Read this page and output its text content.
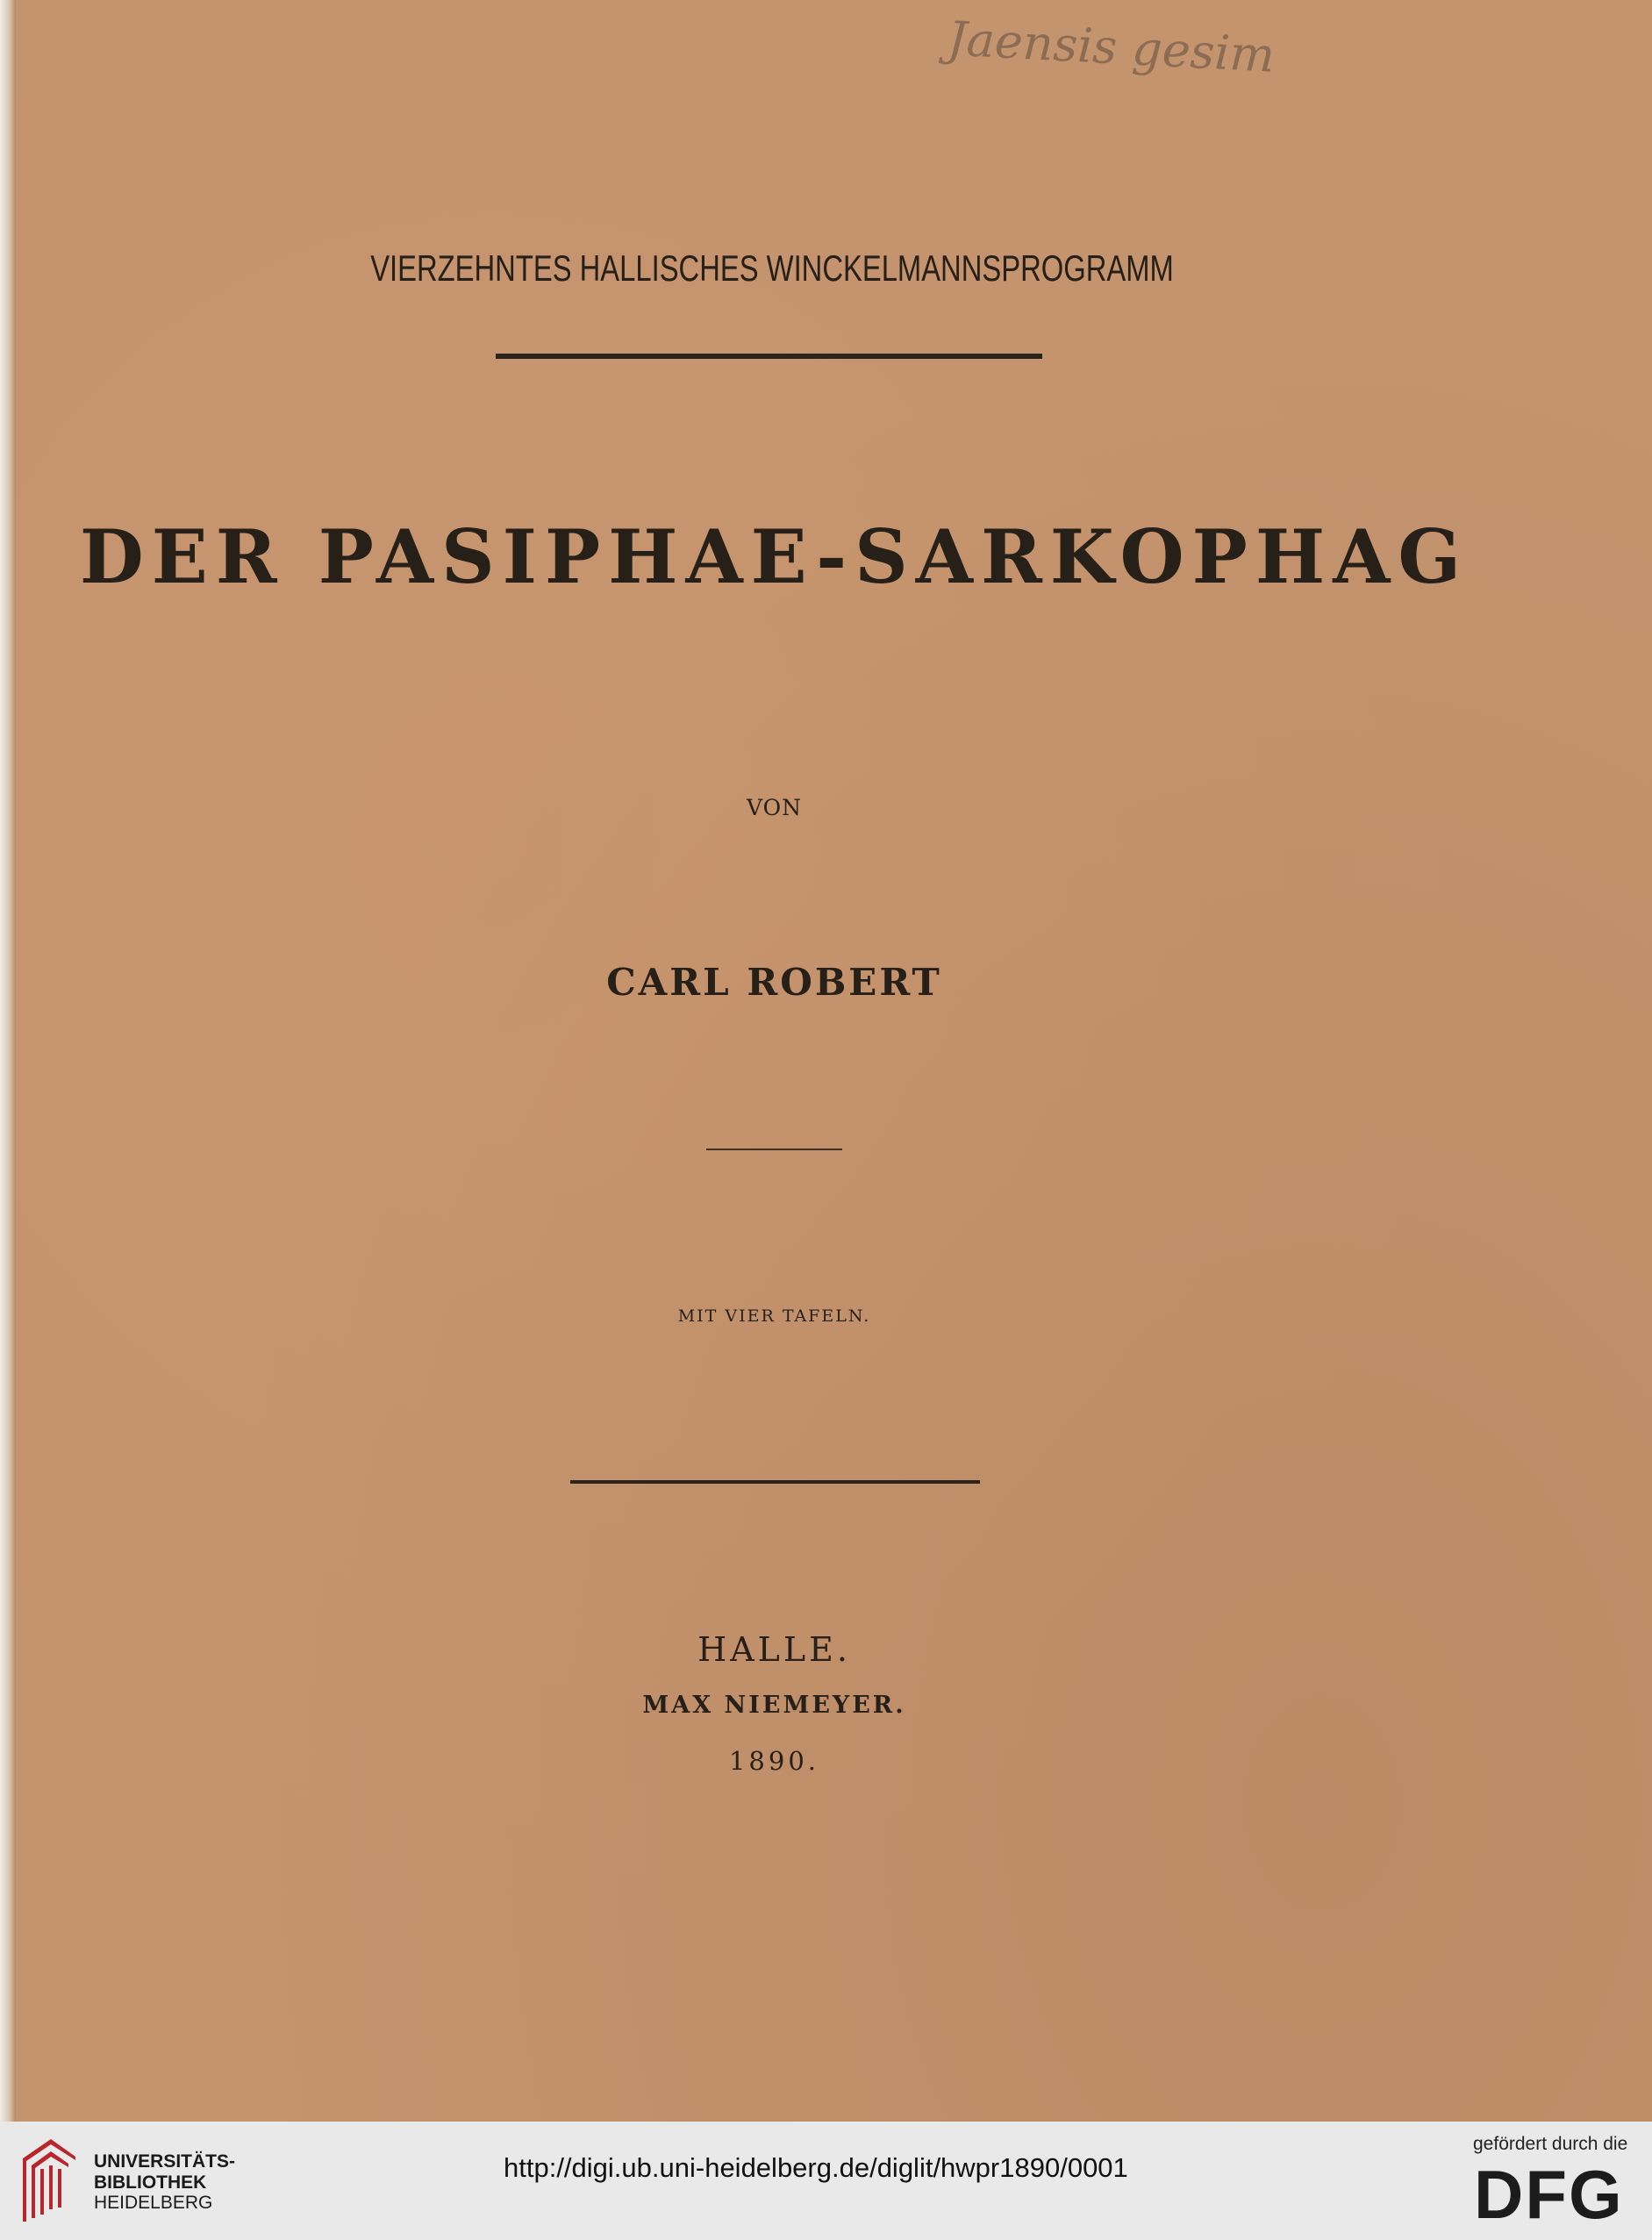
Jaensis gesim
VIERZEHNTES HALLISCHES WINCKELMANNSPROGRAMM
DER PASIPHAE-SARKOPHAG
VON
CARL ROBERT
MIT VIER TAFELN.
HALLE.
MAX NIEMEYER.
1890.
UNIVERSITÄTS-
BIBLIOTHEK
HEIDELBERG
http://digi.ub.uni-heidelberg.de/diglit/hwpr1890/0001
gefördert durch die
DFG
